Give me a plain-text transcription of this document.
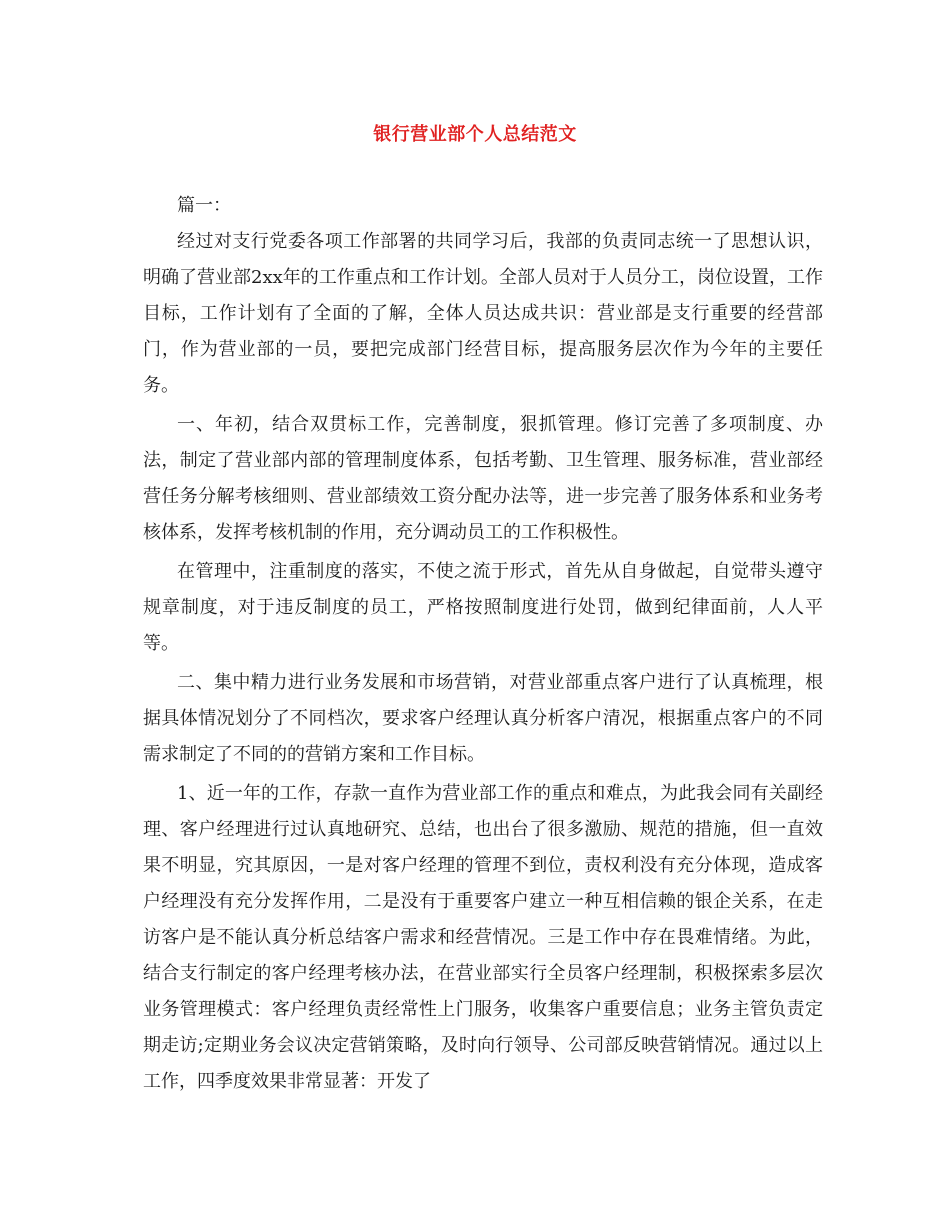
银行营业部个人总结范文

篇一：

经过对支行党委各项工作部署的共同学习后，我部的负责同志统一了思想认识，明确了营业部2xx年的工作重点和工作计划。全部人员对于人员分工，岗位设置，工作目标，工作计划有了全面的了解，全体人员达成共识：营业部是支行重要的经营部门，作为营业部的一员，要把完成部门经营目标，提高服务层次作为今年的主要任务。

一、年初，结合双贯标工作，完善制度，狠抓管理。修订完善了多项制度、办法，制定了营业部内部的管理制度体系，包括考勤、卫生管理、服务标准，营业部经营任务分解考核细则、营业部绩效工资分配办法等，进一步完善了服务体系和业务考核体系，发挥考核机制的作用，充分调动员工的工作积极性。

在管理中，注重制度的落实，不使之流于形式，首先从自身做起，自觉带头遵守规章制度，对于违反制度的员工，严格按照制度进行处罚，做到纪律面前，人人平等。

二、集中精力进行业务发展和市场营销，对营业部重点客户进行了认真梳理，根据具体情况划分了不同档次，要求客户经理认真分析客户清况，根据重点客户的不同需求制定了不同的的营销方案和工作目标。

1、近一年的工作，存款一直作为营业部工作的重点和难点，为此我会同有关副经理、客户经理进行过认真地研究、总结，也出台了很多激励、规范的措施，但一直效果不明显，究其原因，一是对客户经理的管理不到位，责权利没有充分体现，造成客户经理没有充分发挥作用，二是没有于重要客户建立一种互相信赖的银企关系，在走访客户是不能认真分析总结客户需求和经营情况。三是工作中存在畏难情绪。为此，结合支行制定的客户经理考核办法，在营业部实行全员客户经理制，积极探索多层次业务管理模式：客户经理负责经常性上门服务，收集客户重要信息；业务主管负责定期走访;定期业务会议决定营销策略，及时向行领导、公司部反映营销情况。通过以上工作，四季度效果非常显著：开发了
